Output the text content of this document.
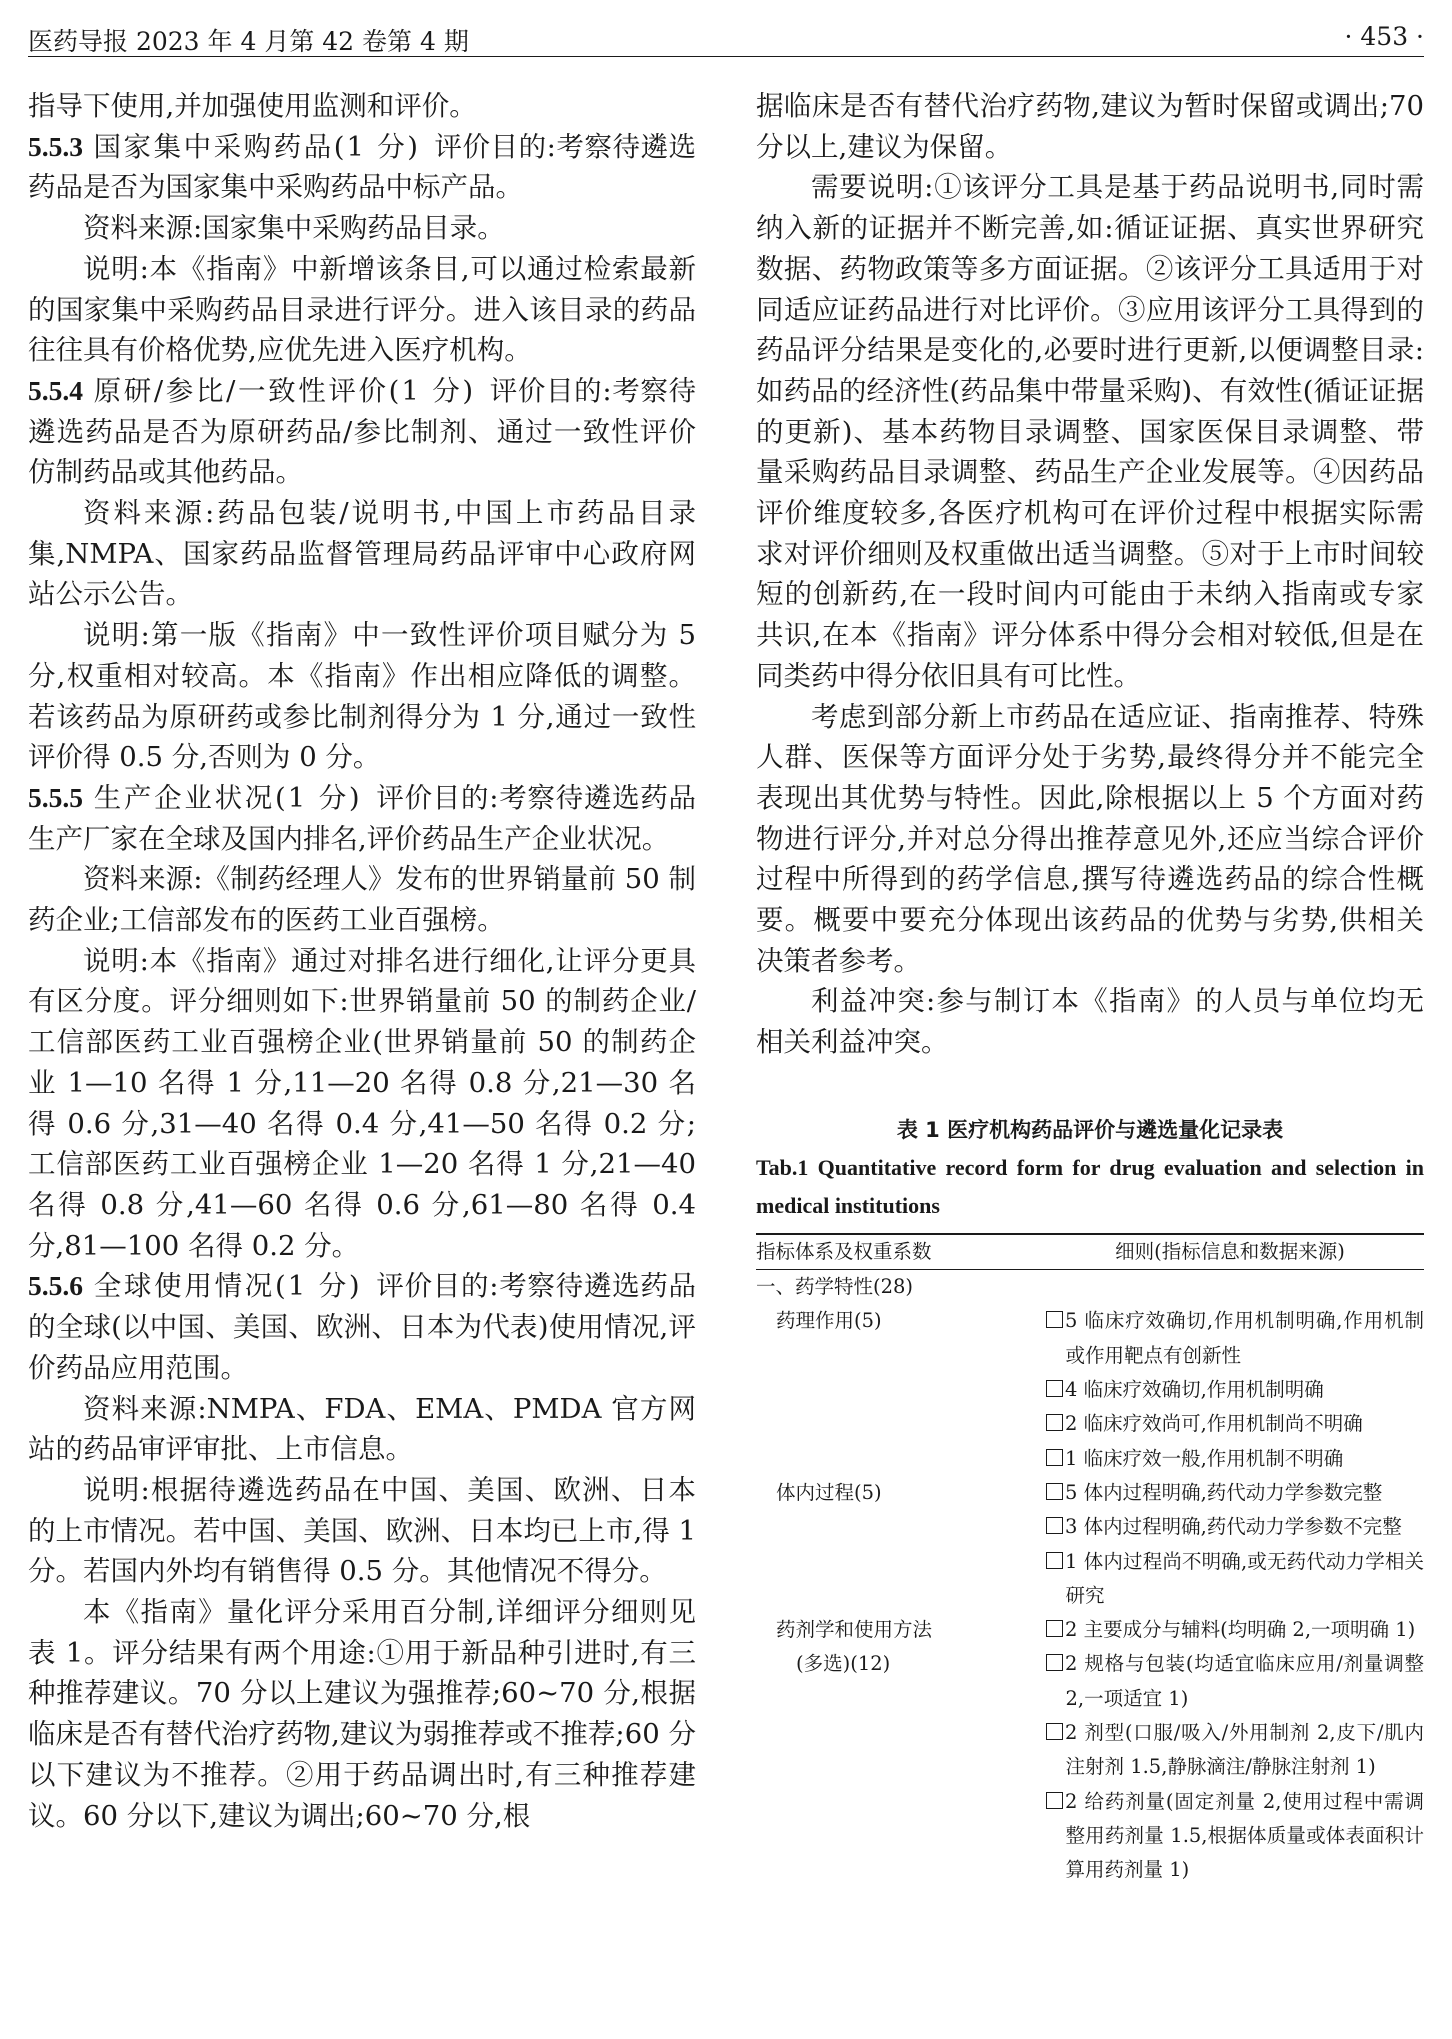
医药导报 2023 年 4 月第 42 卷第 4 期	· 453 ·

指导下使用,并加强使用监测和评价。

5.5.3 国家集中采购药品(1 分) 评价目的:考察待遴选药品是否为国家集中采购药品中标产品。

资料来源:国家集中采购药品目录。

说明:本《指南》中新增该条目,可以通过检索最新的国家集中采购药品目录进行评分。进入该目录的药品往往具有价格优势,应优先进入医疗机构。

5.5.4 原研/参比/一致性评价(1 分) 评价目的:考察待遴选药品是否为原研药品/参比制剂、通过一致性评价仿制药品或其他药品。

资料来源:药品包装/说明书,中国上市药品目录集,NMPA、国家药品监督管理局药品评审中心政府网站公示公告。

说明:第一版《指南》中一致性评价项目赋分为 5 分,权重相对较高。本《指南》作出相应降低的调整。若该药品为原研药或参比制剂得分为 1 分,通过一致性评价得 0.5 分,否则为 0 分。

5.5.5 生产企业状况(1 分) 评价目的:考察待遴选药品生产厂家在全球及国内排名,评价药品生产企业状况。

资料来源:《制药经理人》发布的世界销量前 50 制药企业;工信部发布的医药工业百强榜。

说明:本《指南》通过对排名进行细化,让评分更具有区分度。评分细则如下:世界销量前 50 的制药企业/工信部医药工业百强榜企业(世界销量前 50 的制药企业 1—10 名得 1 分,11—20 名得 0.8 分,21—30 名得 0.6 分,31—40 名得 0.4 分,41—50 名得 0.2 分;工信部医药工业百强榜企业 1—20 名得 1 分,21—40 名得 0.8 分,41—60 名得 0.6 分,61—80 名得 0.4 分,81—100 名得 0.2 分。

5.5.6 全球使用情况(1 分) 评价目的:考察待遴选药品的全球(以中国、美国、欧洲、日本为代表)使用情况,评价药品应用范围。

资料来源:NMPA、FDA、EMA、PMDA 官方网站的药品审评审批、上市信息。

说明:根据待遴选药品在中国、美国、欧洲、日本的上市情况。若中国、美国、欧洲、日本均已上市,得 1 分。若国内外均有销售得 0.5 分。其他情况不得分。

本《指南》量化评分采用百分制,详细评分细则见表 1。评分结果有两个用途:①用于新品种引进时,有三种推荐建议。70 分以上建议为强推荐;60~70 分,根据临床是否有替代治疗药物,建议为弱推荐或不推荐;60 分以下建议为不推荐。②用于药品调出时,有三种推荐建议。60 分以下,建议为调出;60~70 分,根

据临床是否有替代治疗药物,建议为暂时保留或调出;70 分以上,建议为保留。

需要说明:①该评分工具是基于药品说明书,同时需纳入新的证据并不断完善,如:循证证据、真实世界研究数据、药物政策等多方面证据。②该评分工具适用于对同适应证药品进行对比评价。③应用该评分工具得到的药品评分结果是变化的,必要时进行更新,以便调整目录:如药品的经济性(药品集中带量采购)、有效性(循证证据的更新)、基本药物目录调整、国家医保目录调整、带量采购药品目录调整、药品生产企业发展等。④因药品评价维度较多,各医疗机构可在评价过程中根据实际需求对评价细则及权重做出适当调整。⑤对于上市时间较短的创新药,在一段时间内可能由于未纳入指南或专家共识,在本《指南》评分体系中得分会相对较低,但是在同类药中得分依旧具有可比性。

考虑到部分新上市药品在适应证、指南推荐、特殊人群、医保等方面评分处于劣势,最终得分并不能完全表现出其优势与特性。因此,除根据以上 5 个方面对药物进行评分,并对总分得出推荐意见外,还应当综合评价过程中所得到的药学信息,撰写待遴选药品的综合性概要。概要中要充分体现出该药品的优势与劣势,供相关决策者参考。

利益冲突:参与制订本《指南》的人员与单位均无相关利益冲突。

表 1 医疗机构药品评价与遴选量化记录表
Tab.1 Quantitative record form for drug evaluation and selection in medical institutions
指标体系及权重系数	细则(指标信息和数据来源)
一、药学特性(28)
药理作用(5)	5 临床疗效确切,作用机制明确,作用机制或作用靶点有创新性
4 临床疗效确切,作用机制明确
2 临床疗效尚可,作用机制尚不明确
1 临床疗效一般,作用机制不明确
体内过程(5)	5 体内过程明确,药代动力学参数完整
3 体内过程明确,药代动力学参数不完整
1 体内过程尚不明确,或无药代动力学相关研究
药剂学和使用方法
(多选)(12)
2 主要成分与辅料(均明确 2,一项明确 1)
2 规格与包装(均适宜临床应用/剂量调整 2,一项适宜 1)
2 剂型(口服/吸入/外用制剂 2,皮下/肌内注射剂 1.5,静脉滴注/静脉注射剂 1)
2 给药剂量(固定剂量 2,使用过程中需调整用药剂量 1.5,根据体质量或体表面积计算用药剂量 1)
